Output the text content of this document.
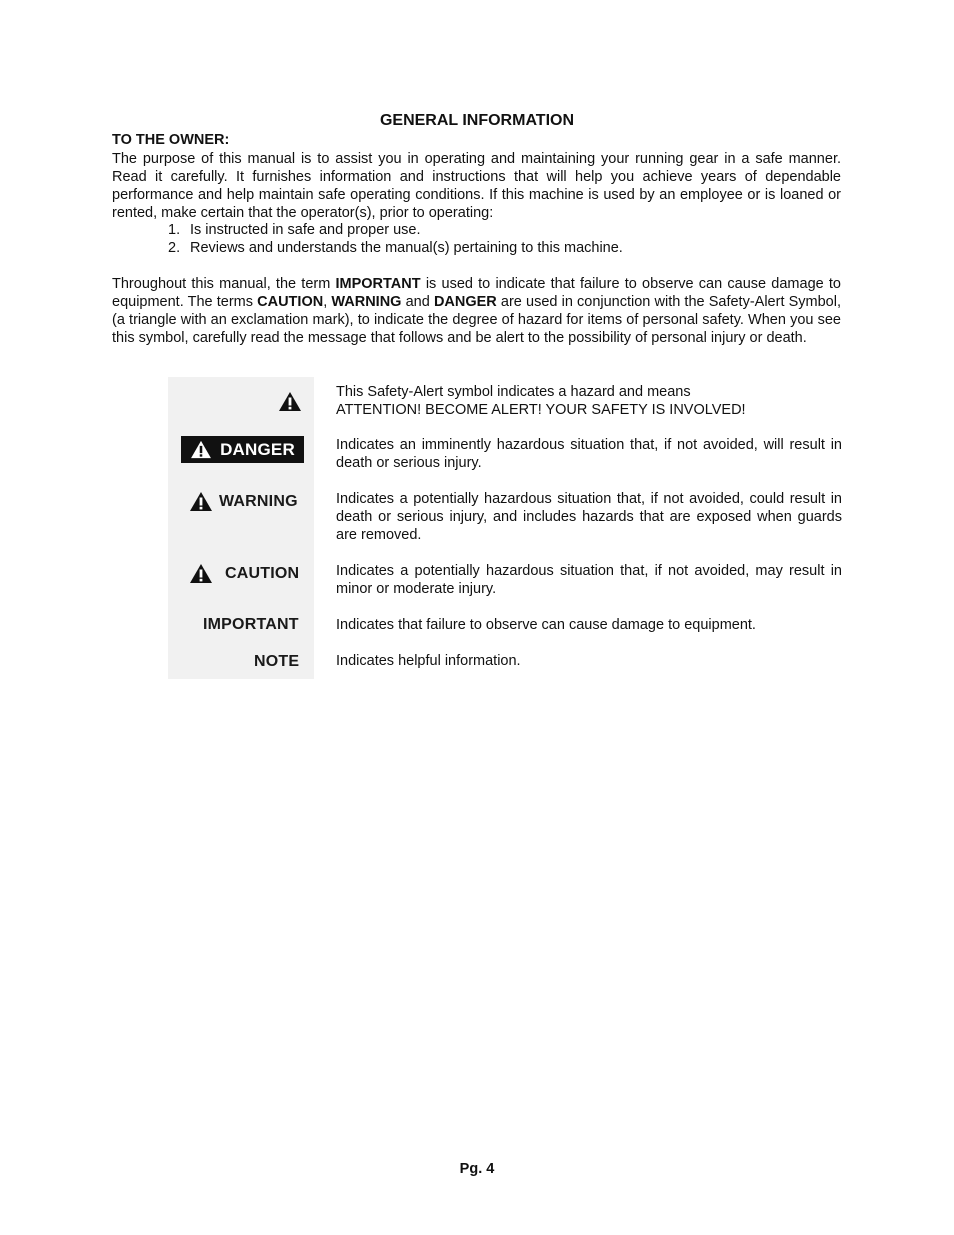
GENERAL INFORMATION
TO THE OWNER:
The purpose of this manual is to assist you in operating and maintaining your running gear in a safe manner. Read it carefully. It furnishes information and instructions that will help you achieve years of dependable performance and help maintain safe operating conditions. If this machine is used by an employee or is loaned or rented, make certain that the operator(s), prior to operating:
1. Is instructed in safe and proper use.
2. Reviews and understands the manual(s) pertaining to this machine.
Throughout this manual, the term IMPORTANT is used to indicate that failure to observe can cause damage to equipment. The terms CAUTION, WARNING and DANGER are used in conjunction with the Safety-Alert Symbol, (a triangle with an exclamation mark), to indicate the degree of hazard for items of personal safety. When you see this symbol, carefully read the message that follows and be alert to the possibility of personal injury or death.
DANGER
WARNING
CAUTION
IMPORTANT
NOTE
This Safety-Alert symbol indicates a hazard and means
ATTENTION! BECOME ALERT! YOUR SAFETY IS INVOLVED!
Indicates an imminently hazardous situation that, if not avoided, will result in death or serious injury.
Indicates a potentially hazardous situation that, if not avoided, could result in death or serious injury, and includes hazards that are exposed when guards are removed.
Indicates a potentially hazardous situation that, if not avoided, may result in minor or moderate injury.
Indicates that failure to observe can cause damage to equipment.
Indicates helpful information.
Pg. 4
